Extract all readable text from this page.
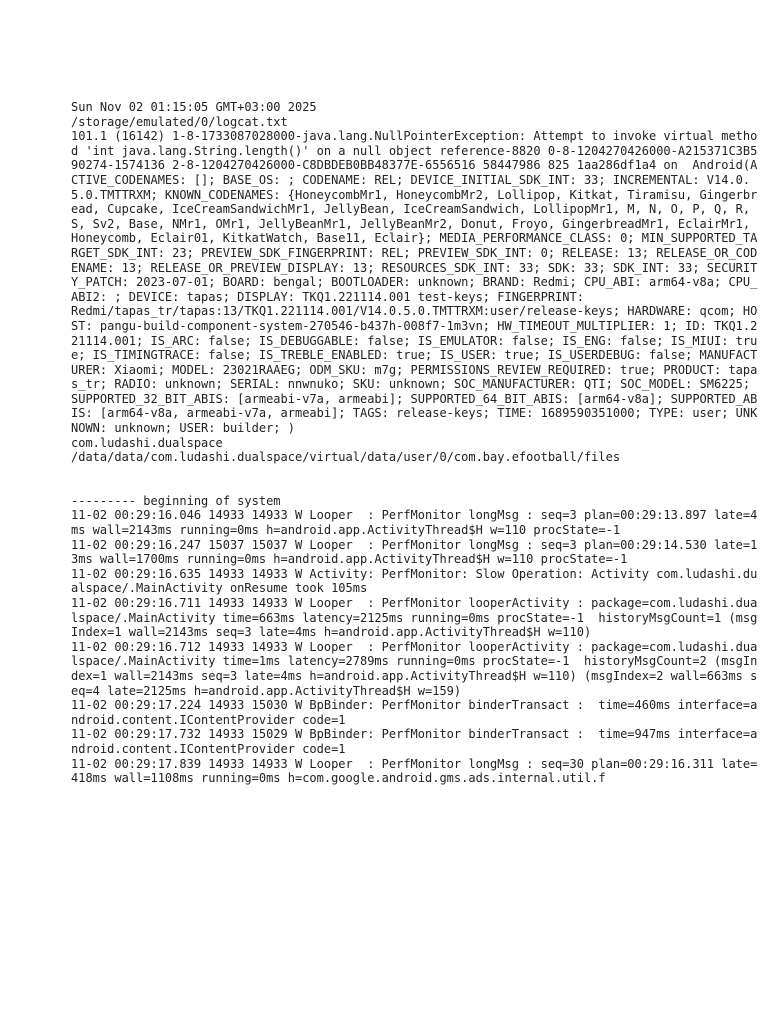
Sun Nov 02 01:15:05 GMT+03:00 2025
/storage/emulated/0/logcat.txt
101.1 (16142) 1-8-1733087028000-java.lang.NullPointerException: Attempt to invoke virtual method 'int java.lang.String.length()' on a null object reference-8820 0-8-1204270426000-A215371C3B590274-1574136 2-8-1204270426000-C8DBDEB0BB48377E-6556516 58447986 825 1aa286df1a4 on  Android(ACTIVE_CODENAMES: []; BASE_OS: ; CODENAME: REL; DEVICE_INITIAL_SDK_INT: 33; INCREMENTAL: V14.0.5.0.TMTTRXM; KNOWN_CODENAMES: {HoneycombMr1, HoneycombMr2, Lollipop, Kitkat, Tiramisu, Gingerbread, Cupcake, IceCreamSandwichMr1, JellyBean, IceCreamSandwich, LollipopMr1, M, N, O, P, Q, R, S, Sv2, Base, NMr1, OMr1, JellyBeanMr1, JellyBeanMr2, Donut, Froyo, GingerbreadMr1, EclairMr1, Honeycomb, Eclair01, KitkatWatch, Base11, Eclair}; MEDIA_PERFORMANCE_CLASS: 0; MIN_SUPPORTED_TARGET_SDK_INT: 23; PREVIEW_SDK_FINGERPRINT: REL; PREVIEW_SDK_INT: 0; RELEASE: 13; RELEASE_OR_CODENAME: 13; RELEASE_OR_PREVIEW_DISPLAY: 13; RESOURCES_SDK_INT: 33; SDK: 33; SDK_INT: 33; SECURITY_PATCH: 2023-07-01; BOARD: bengal; BOOTLOADER: unknown; BRAND: Redmi; CPU_ABI: arm64-v8a; CPU_ABI2: ; DEVICE: tapas; DISPLAY: TKQ1.221114.001 test-keys; FINGERPRINT:
Redmi/tapas_tr/tapas:13/TKQ1.221114.001/V14.0.5.0.TMTTRXM:user/release-keys; HARDWARE: qcom; HOST: pangu-build-component-system-270546-b437h-008f7-1m3vn; HW_TIMEOUT_MULTIPLIER: 1; ID: TKQ1.221114.001; IS_ARC: false; IS_DEBUGGABLE: false; IS_EMULATOR: false; IS_ENG: false; IS_MIUI: true; IS_TIMINGTRACE: false; IS_TREBLE_ENABLED: true; IS_USER: true; IS_USERDEBUG: false; MANUFACTURER: Xiaomi; MODEL: 23021RAAEG; ODM_SKU: m7g; PERMISSIONS_REVIEW_REQUIRED: true; PRODUCT: tapas_tr; RADIO: unknown; SERIAL: nnwnuko; SKU: unknown; SOC_MANUFACTURER: QTI; SOC_MODEL: SM6225; SUPPORTED_32_BIT_ABIS: [armeabi-v7a, armeabi]; SUPPORTED_64_BIT_ABIS: [arm64-v8a]; SUPPORTED_ABIS: [arm64-v8a, armeabi-v7a, armeabi]; TAGS: release-keys; TIME: 1689590351000; TYPE: user; UNKNOWN: unknown; USER: builder; )
com.ludashi.dualspace
/data/data/com.ludashi.dualspace/virtual/data/user/0/com.bay.efootball/files
--------- beginning of system
11-02 00:29:16.046 14933 14933 W Looper  : PerfMonitor longMsg : seq=3 plan=00:29:13.897 late=4ms wall=2143ms running=0ms h=android.app.ActivityThread$H w=110 procState=-1
11-02 00:29:16.247 15037 15037 W Looper  : PerfMonitor longMsg : seq=3 plan=00:29:14.530 late=13ms wall=1700ms running=0ms h=android.app.ActivityThread$H w=110 procState=-1
11-02 00:29:16.635 14933 14933 W Activity: PerfMonitor: Slow Operation: Activity com.ludashi.dualspace/.MainActivity onResume took 105ms
11-02 00:29:16.711 14933 14933 W Looper  : PerfMonitor looperActivity : package=com.ludashi.dualspace/.MainActivity time=663ms latency=2125ms running=0ms procState=-1  historyMsgCount=1 (msgIndex=1 wall=2143ms seq=3 late=4ms h=android.app.ActivityThread$H w=110)
11-02 00:29:16.712 14933 14933 W Looper  : PerfMonitor looperActivity : package=com.ludashi.dualspace/.MainActivity time=1ms latency=2789ms running=0ms procState=-1  historyMsgCount=2 (msgIndex=1 wall=2143ms seq=3 late=4ms h=android.app.ActivityThread$H w=110) (msgIndex=2 wall=663ms seq=4 late=2125ms h=android.app.ActivityThread$H w=159)
11-02 00:29:17.224 14933 15030 W BpBinder: PerfMonitor binderTransact :  time=460ms interface=android.content.IContentProvider code=1
11-02 00:29:17.732 14933 15029 W BpBinder: PerfMonitor binderTransact :  time=947ms interface=android.content.IContentProvider code=1
11-02 00:29:17.839 14933 14933 W Looper  : PerfMonitor longMsg : seq=30 plan=00:29:16.311 late=418ms wall=1108ms running=0ms h=com.google.android.gms.ads.internal.util.f
